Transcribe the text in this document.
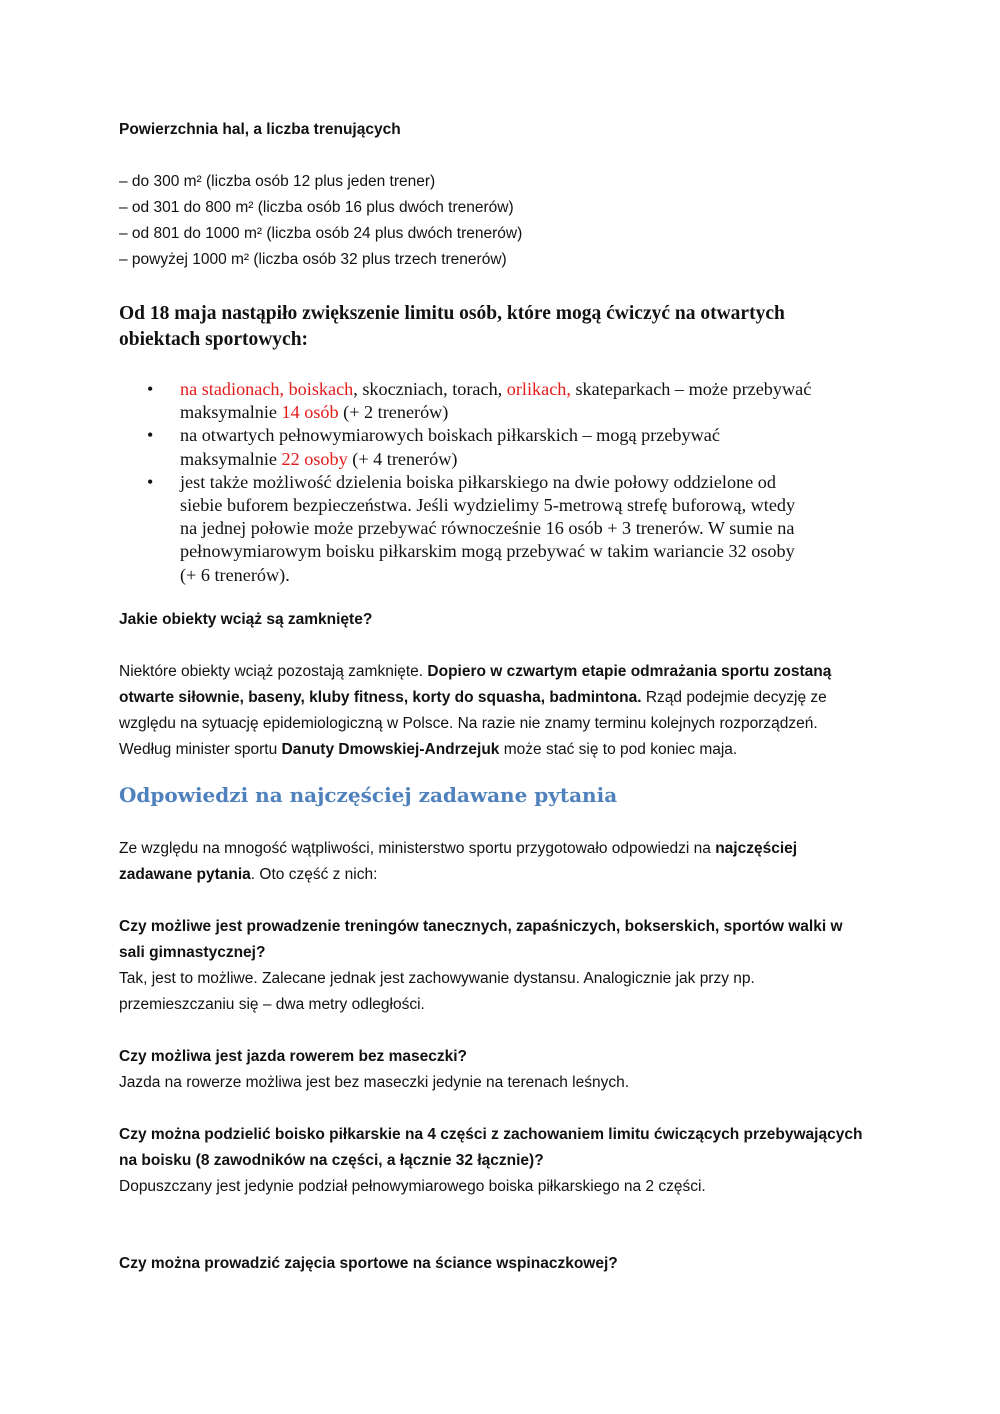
Powierzchnia hal, a liczba trenujących
– do 300 m² (liczba osób 12 plus jeden trener)
– od 301 do 800 m² (liczba osób 16 plus dwóch trenerów)
– od 801 do 1000 m² (liczba osób 24 plus dwóch trenerów)
– powyżej 1000 m² (liczba osób 32 plus trzech trenerów)
Od 18 maja nastąpiło zwiększenie limitu osób, które mogą ćwiczyć na otwartych
obiektach sportowych:
• na stadionach, boiskach, skoczniach, torach, orlikach, skateparkach – może przebywać
maksymalnie 14 osób (+ 2 trenerów)
• na otwartych pełnowymiarowych boiskach piłkarskich – mogą przebywać
maksymalnie 22 osoby (+ 4 trenerów)
• jest także możliwość dzielenia boiska piłkarskiego na dwie połowy oddzielone od
siebie buforem bezpieczeństwa. Jeśli wydzielimy 5-metrową strefę buforową, wtedy
na jednej połowie może przebywać równocześnie 16 osób + 3 trenerów. W sumie na
pełnowymiarowym boisku piłkarskim mogą przebywać w takim wariancie 32 osoby
(+ 6 trenerów).
Jakie obiekty wciąż są zamknięte?
Niektóre obiekty wciąż pozostają zamknięte. Dopiero w czwartym etapie odmrażania sportu zostaną
otwarte siłownie, baseny, kluby fitness, korty do squasha, badmintona. Rząd podejmie decyzję ze
względu na sytuację epidemiologiczną w Polsce. Na razie nie znamy terminu kolejnych rozporządzeń.
Według minister sportu Danuty Dmowskiej-Andrzejuk może stać się to pod koniec maja.
Odpowiedzi na najczęściej zadawane pytania
Ze względu na mnogość wątpliwości, ministerstwo sportu przygotowało odpowiedzi na najczęściej
zadawane pytania. Oto część z nich:
Czy możliwe jest prowadzenie treningów tanecznych, zapaśniczych, bokserskich, sportów walki w
sali gimnastycznej?
Tak, jest to możliwe. Zalecane jednak jest zachowywanie dystansu. Analogicznie jak przy np.
przemieszczaniu się – dwa metry odległości.
Czy możliwa jest jazda rowerem bez maseczki?
Jazda na rowerze możliwa jest bez maseczki jedynie na terenach leśnych.
Czy można podzielić boisko piłkarskie na 4 części z zachowaniem limitu ćwiczących przebywających
na boisku (8 zawodników na części, a łącznie 32 łącznie)?
Dopuszczany jest jedynie podział pełnowymiarowego boiska piłkarskiego na 2 części.
Czy można prowadzić zajęcia sportowe na ściance wspinaczkowej?
